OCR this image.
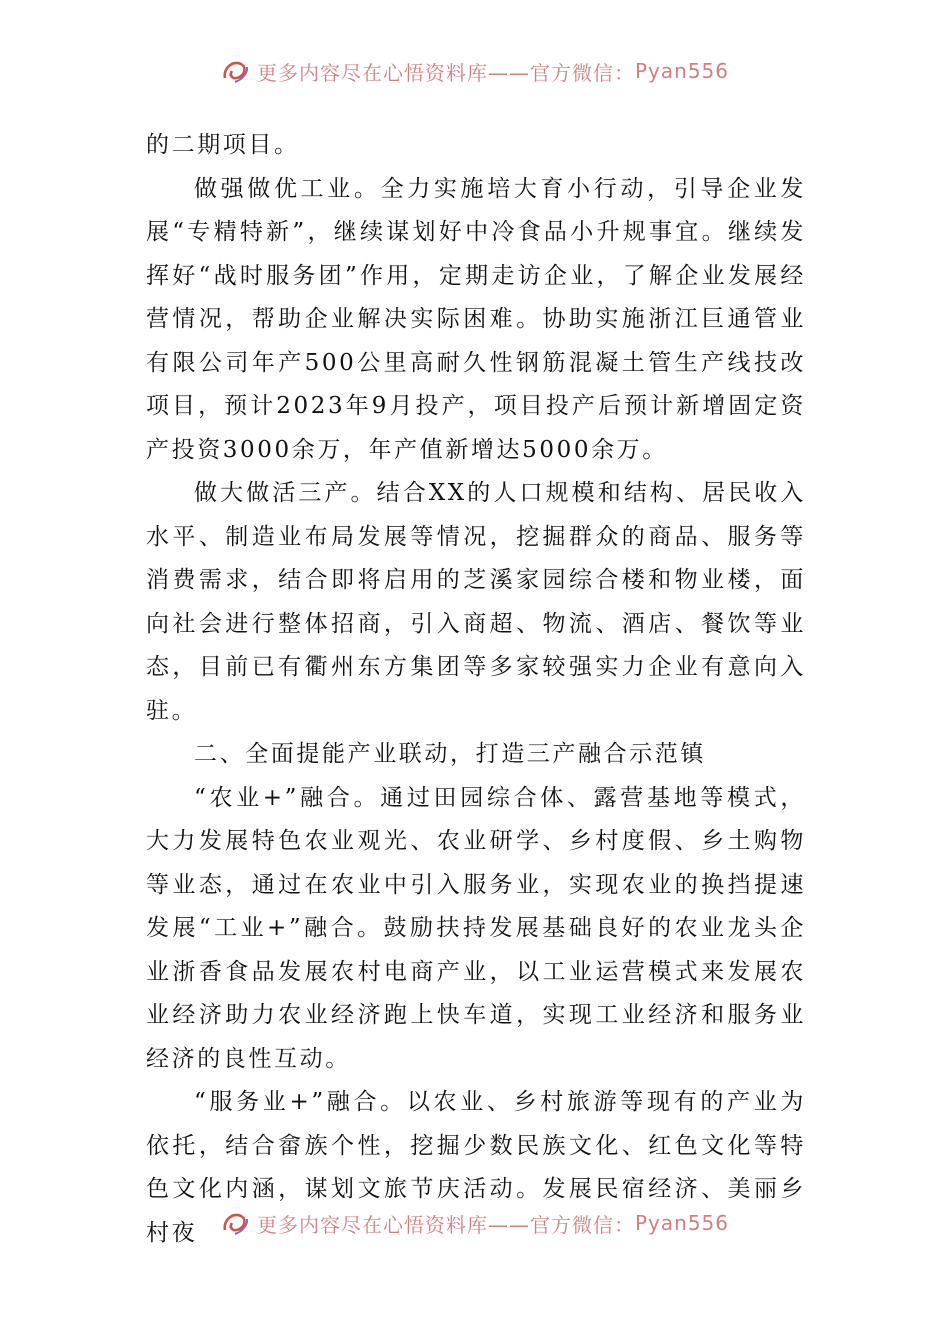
更多内容尽在心悟资料库——官方微信： Pyan556

的二期项目。

做强做优工业。全力实施培大育小行动，引导企业发展“专精特新”，继续谋划好中冷食品小升规事宜。继续发挥好“战时服务团”作用，定期走访企业，了解企业发展经营情况，帮助企业解决实际困难。协助实施浙江巨通管业有限公司年产500公里高耐久性钢筋混凝土管生产线技改项目，预计2023年9月投产，项目投产后预计新增固定资产投资3000余万，年产值新增达5000余万。

做大做活三产。结合XX的人口规模和结构、居民收入水平、制造业布局发展等情况，挖掘群众的商品、服务等消费需求，结合即将启用的芝溪家园综合楼和物业楼，面向社会进行整体招商，引入商超、物流、酒店、餐饮等业态，目前已有衢州东方集团等多家较强实力企业有意向入驻。

二、全面提能产业联动，打造三产融合示范镇

“农业+”融合。通过田园综合体、露营基地等模式，大力发展特色农业观光、农业研学、乡村度假、乡土购物等业态，通过在农业中引入服务业，实现农业的换挡提速发展“工业+”融合。鼓励扶持发展基础良好的农业龙头企业浙香食品发展农村电商产业，以工业运营模式来发展农业经济助力农业经济跑上快车道，实现工业经济和服务业经济的良性互动。

“服务业+”融合。以农业、乡村旅游等现有的产业为依托，结合畲族个性，挖掘少数民族文化、红色文化等特色文化内涵，谋划文旅节庆活动。发展民宿经济、美丽乡村夜	更多内容尽在心悟资料库——官方微信： Pyan556
